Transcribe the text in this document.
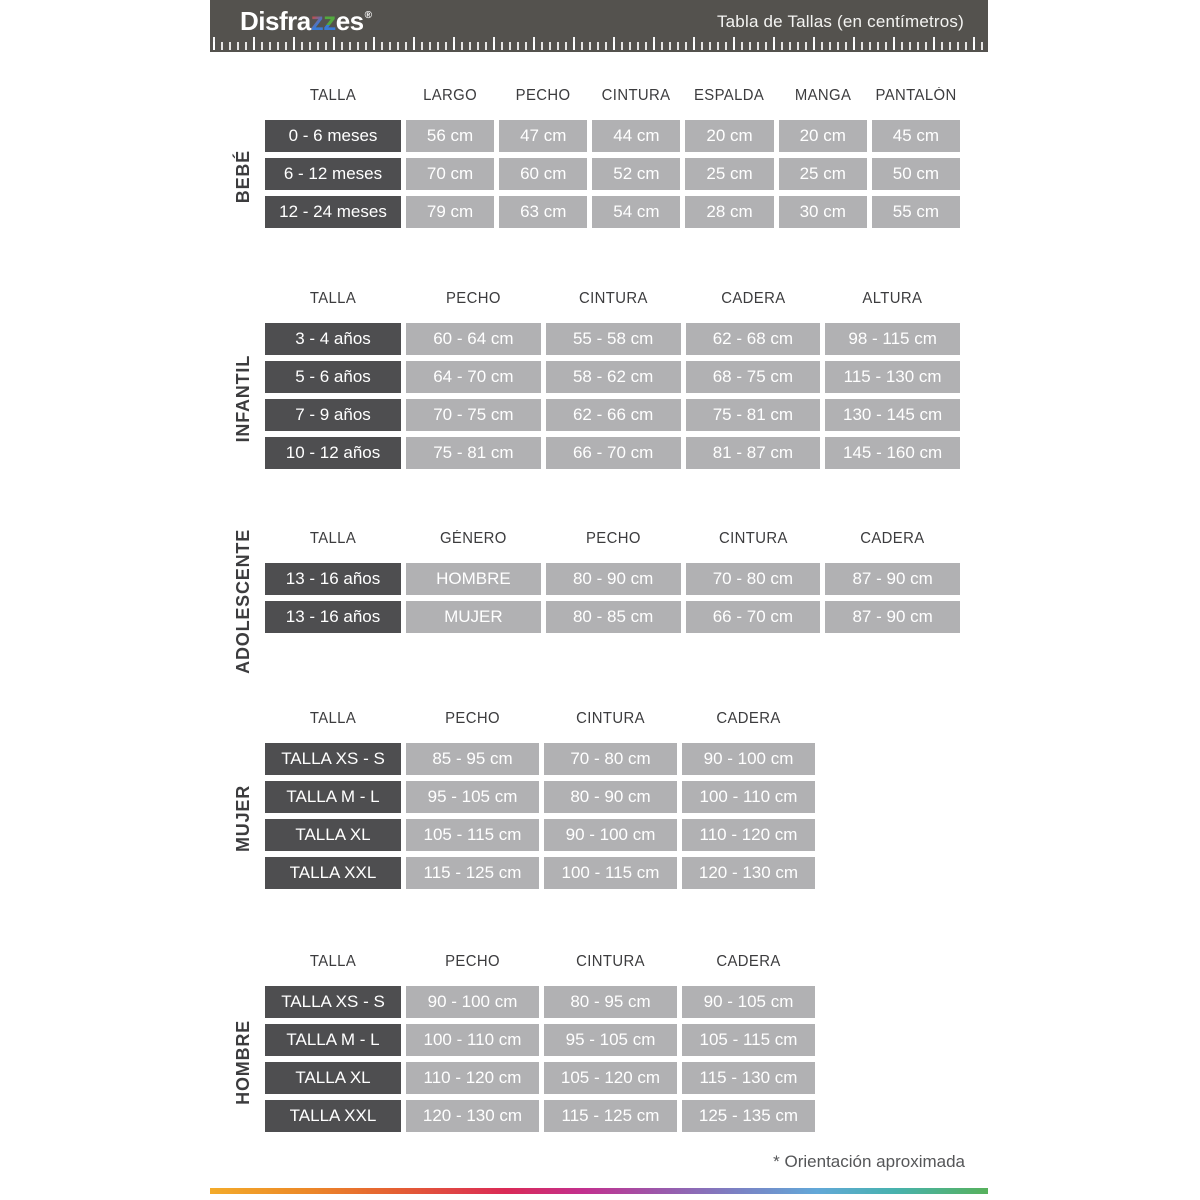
Disfrazzes®	Tabla de Tallas (en centímetros)
BEBÉ
TALLA	LARGO	PECHO	CINTURA	ESPALDA	MANGA	PANTALÓN
0 - 6 meses	56 cm	47 cm	44 cm	20 cm	20 cm	45 cm
6 - 12 meses	70 cm	60 cm	52 cm	25 cm	25 cm	50 cm
12 - 24 meses	79 cm	63 cm	54 cm	28 cm	30 cm	55 cm
INFANTIL
TALLA	PECHO	CINTURA	CADERA	ALTURA
3 - 4 años	60 - 64 cm	55 - 58 cm	62 - 68 cm	98 - 115 cm
5 - 6 años	64 - 70 cm	58 - 62 cm	68 - 75 cm	115 - 130 cm
7 - 9 años	70 - 75 cm	62 - 66 cm	75 - 81 cm	130 - 145 cm
10 - 12 años	75 - 81 cm	66 - 70 cm	81 - 87 cm	145 - 160 cm
ADOLESCENTE	TALLA	GÉNERO	PECHO	CINTURA	CADERA
13 - 16 años	HOMBRE	80 - 90 cm	70 - 80 cm	87 - 90 cm
13 - 16 años	MUJER	80 - 85 cm	66 - 70 cm	87 - 90 cm
MUJER
TALLA	PECHO	CINTURA	CADERA
TALLA XS - S	85 - 95 cm	70 - 80 cm	90 - 100 cm
TALLA M - L	95 - 105 cm	80 - 90 cm	100 - 110 cm
TALLA XL	105 - 115 cm	90 - 100 cm	110 - 120 cm
TALLA XXL	115 - 125 cm	100 - 115 cm	120 - 130 cm
HOMBRE
TALLA	PECHO	CINTURA	CADERA
TALLA XS - S	90 - 100 cm	80 - 95 cm	90 - 105 cm
TALLA M - L	100 - 110 cm	95 - 105 cm	105 - 115 cm
TALLA XL	110 - 120 cm	105 - 120 cm	115 - 130 cm
TALLA XXL	120 - 130 cm	115 - 125 cm	125 - 135 cm
* Orientación aproximada
